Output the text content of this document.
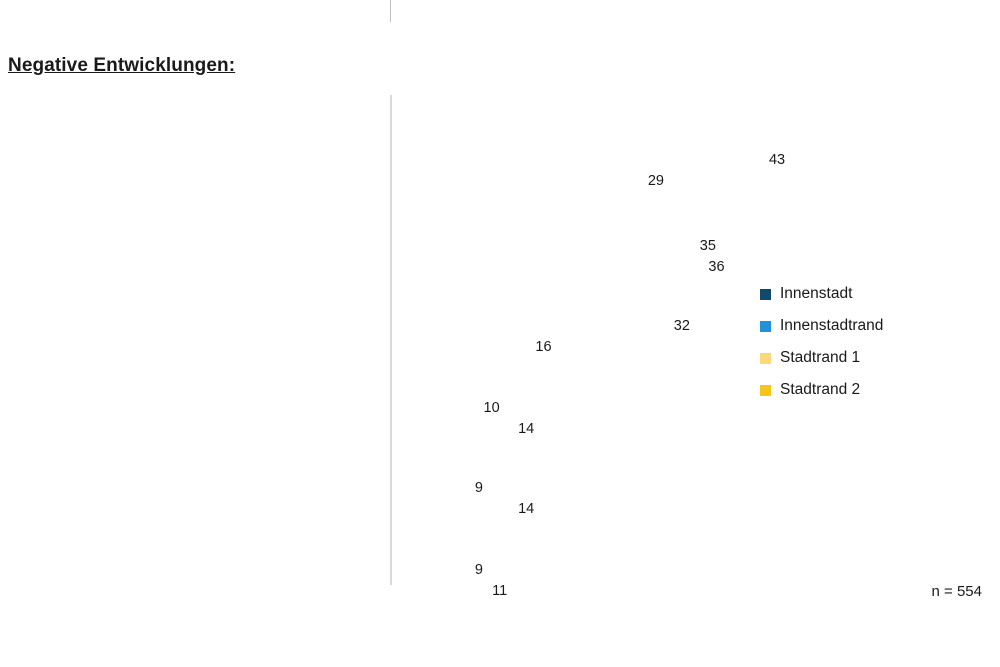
Negative Entwicklungen:
52
56
43
29
15
32
35
36
22
18
32
16
8
16
10
14
18
10
9
14
9
12
9
11
Innenstadt
Innenstadtrand
Stadtrand 1
Stadtrand 2
n = 554
